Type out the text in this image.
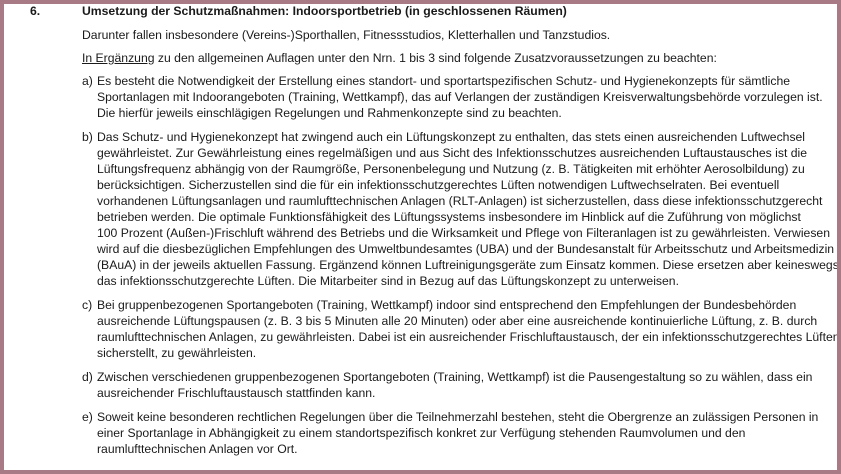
6.	Umsetzung der Schutzmaßnahmen: Indoorsportbetrieb (in geschlossenen Räumen)

Darunter fallen insbesondere (Vereins-)Sporthallen, Fitnessstudios, Kletterhallen und Tanzstudios.

In Ergänzung zu den allgemeinen Auflagen unter den Nrn. 1 bis 3 sind folgende Zusatzvoraussetzungen zu beachten:

a) Es besteht die Notwendigkeit der Erstellung eines standort- und sportartspezifischen Schutz- und Hygienekonzepts für sämtliche
Sportanlagen mit Indoorangeboten (Training, Wettkampf), das auf Verlangen der zuständigen Kreisverwaltungsbehörde vorzulegen ist.
Die hierfür jeweils einschlägigen Regelungen und Rahmenkonzepte sind zu beachten.
b) Das Schutz- und Hygienekonzept hat zwingend auch ein Lüftungskonzept zu enthalten, das stets einen ausreichenden Luftwechsel
gewährleistet. Zur Gewährleistung eines regelmäßigen und aus Sicht des Infektionsschutzes ausreichenden Luftaustausches ist die
Lüftungsfrequenz abhängig von der Raumgröße, Personenbelegung und Nutzung (z. B. Tätigkeiten mit erhöhter Aerosolbildung) zu
berücksichtigen. Sicherzustellen sind die für ein infektionsschutzgerechtes Lüften notwendigen Luftwechselraten. Bei eventuell
vorhandenen Lüftungsanlagen und raumlufttechnischen Anlagen (RLT-Anlagen) ist sicherzustellen, dass diese infektionsschutzgerecht
betrieben werden. Die optimale Funktionsfähigkeit des Lüftungssystems insbesondere im Hinblick auf die Zuführung von möglichst
100 Prozent (Außen-)Frischluft während des Betriebs und die Wirksamkeit und Pflege von Filteranlagen ist zu gewährleisten. Verwiesen
wird auf die diesbezüglichen Empfehlungen des Umweltbundesamtes (UBA) und der Bundesanstalt für Arbeitsschutz und Arbeitsmedizin
(BAuA) in der jeweils aktuellen Fassung. Ergänzend können Luftreinigungsgeräte zum Einsatz kommen. Diese ersetzen aber keineswegs
das infektionsschutzgerechte Lüften. Die Mitarbeiter sind in Bezug auf das Lüftungskonzept zu unterweisen.
c) Bei gruppenbezogenen Sportangeboten (Training, Wettkampf) indoor sind entsprechend den Empfehlungen der Bundesbehörden
ausreichende Lüftungspausen (z. B. 3 bis 5 Minuten alle 20 Minuten) oder aber eine ausreichende kontinuierliche Lüftung, z. B. durch
raumlufttechnischen Anlagen, zu gewährleisten. Dabei ist ein ausreichender Frischluftaustausch, der ein infektionsschutzgerechtes Lüften
sicherstellt, zu gewährleisten.
d) Zwischen verschiedenen gruppenbezogenen Sportangeboten (Training, Wettkampf) ist die Pausengestaltung so zu wählen, dass ein
ausreichender Frischluftaustausch stattfinden kann.
e) Soweit keine besonderen rechtlichen Regelungen über die Teilnehmerzahl bestehen, steht die Obergrenze an zulässigen Personen in
einer Sportanlage in Abhängigkeit zu einem standortspezifisch konkret zur Verfügung stehenden Raumvolumen und den
raumlufttechnischen Anlagen vor Ort.
